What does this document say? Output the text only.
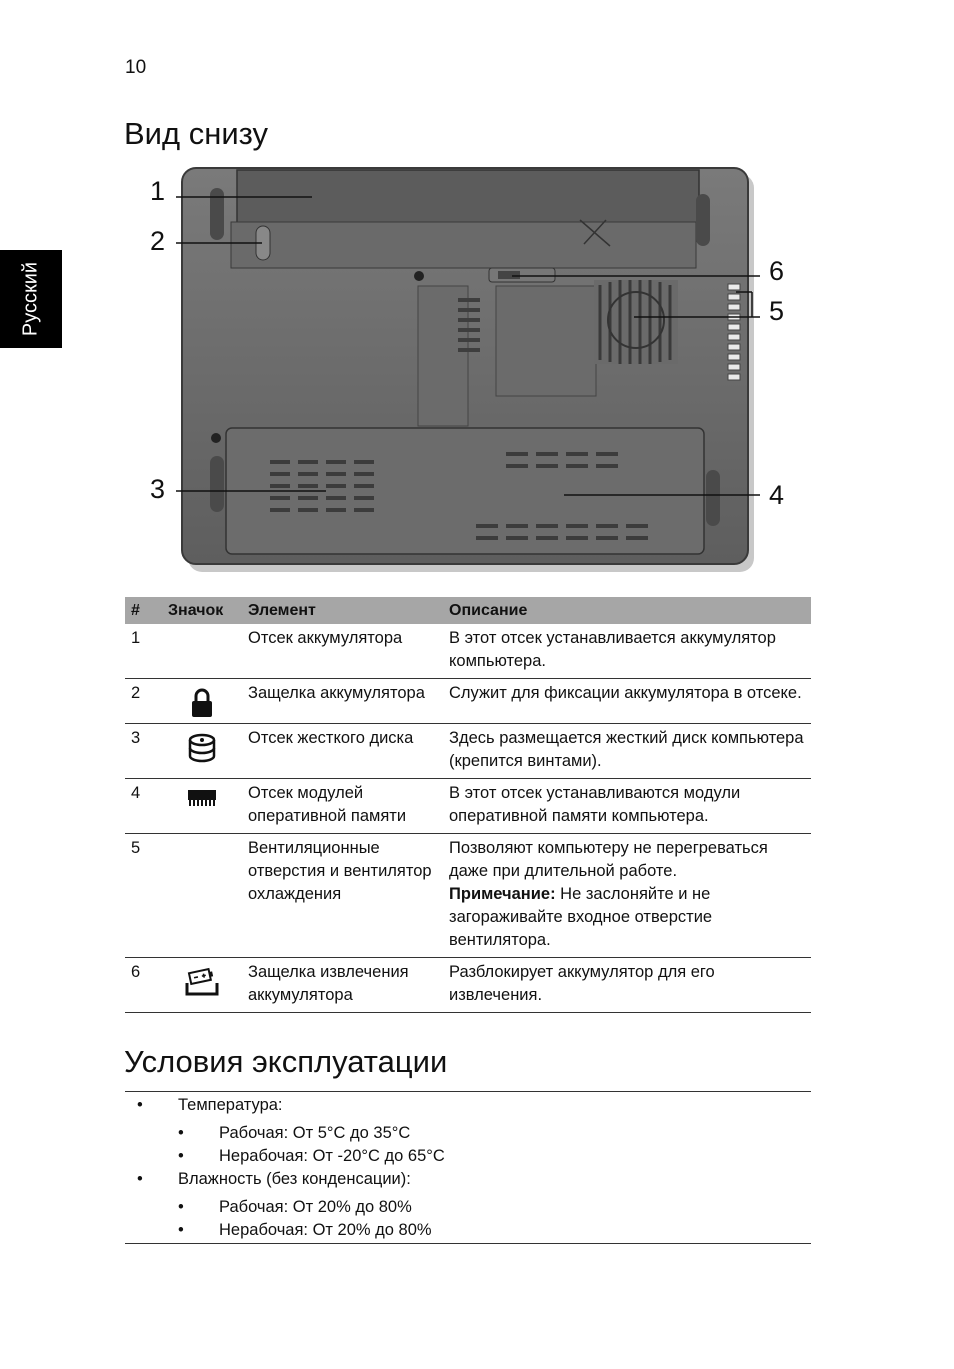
10
Русский
Вид снизу
1
2
3	4
5
6
#	Значок	Элемент	Описание
1		Отсек аккумулятора	В этот отсек устанавливается аккумулятор компьютера.
2		Защелка аккумулятора	Служит для фиксации аккумулятора в отсеке.
3		Отсек жесткого диска	Здесь размещается жесткий диск компьютера (крепится винтами).
4		Отсек модулей оперативной памяти	В этот отсек устанавливаются модули оперативной памяти компьютера.
5		Вентиляционные отверстия и вентилятор охлаждения	Позволяют компьютеру не перегреваться даже при длительной работе.
Примечание: Не заслоняйте и не загораживайте входное отверстие вентилятора.
6		Защелка извлечения аккумулятора	Разблокирует аккумулятор для его извлечения.
Условия эксплуатации
• Температура:
• Рабочая: От 5°C до 35°C
• Нерабочая: От -20°C до 65°C
• Влажность (без конденсации):
• Рабочая: От 20% до 80%
• Нерабочая: От 20% до 80%
